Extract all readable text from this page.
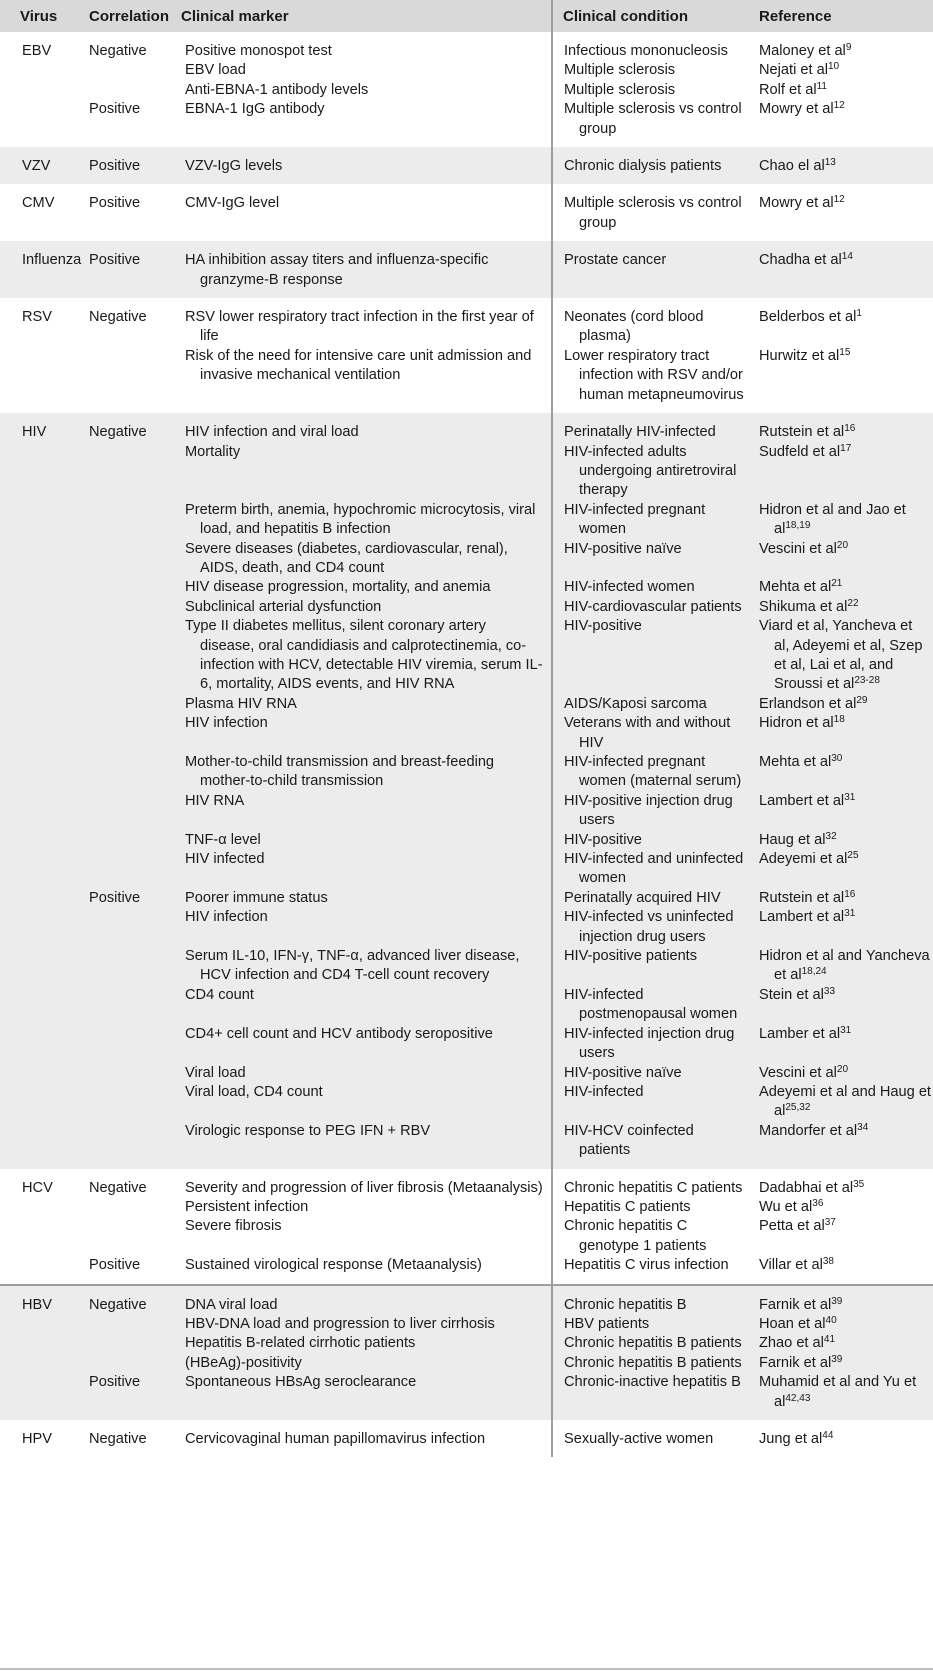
Virus	Correlation	Clinical marker	Clinical condition	Reference
EBV	Negative	Positive monospot test	Infectious mononucleosis	Maloney et $al^9$

		EBV load	Multiple sclerosis	Nejati et $al^{10}$

		Anti-EBNA-1 antibody levels	Multiple sclerosis	Rolf et $al^{11}$

	Positive	EBNA-1 IgG antibody	Multiple sclerosis vs control group	Mowry et $al^{12}$

VZV	Positive	VZV-IgG levels	Chronic dialysis patients	Chao el $al^{13}$

CMV	Positive	CMV-IgG level	Multiple sclerosis vs control group	Mowry et $al^{12}$

Influenza	Positive	HA inhibition assay titers and influenza-specific granzyme-B response	Prostate cancer	Chadha et $al^{14}$

RSV	Negative	RSV lower respiratory tract infection in the first year of life	Neonates (cord blood plasma)	Belderbos et $al^1$

		Risk of the need for intensive care unit admission and invasive mechanical ventilation	Lower respiratory tract infection with RSV and/or human metapneumovirus	Hurwitz et $al^{15}$

HIV	Negative	HIV infection and viral load	Perinatally HIV-infected	Rutstein et $al^{16}$

		Mortality	HIV-infected adults undergoing antiretroviral therapy	Sudfeld et $al^{17}$

		Preterm birth, anemia, hypochromic microcytosis, viral load, and hepatitis B infection	HIV-infected pregnant women	Hidron et al and Jao et al$^{18,19}$

		Severe diseases (diabetes, cardiovascular, renal), AIDS, death, and CD4 count	HIV-positive naïve	Vescini et $al^{20}$

		HIV disease progression, mortality, and anemia	HIV-infected women	Mehta et $al^{21}$

		Subclinical arterial dysfunction	HIV-cardiovascular patients	Shikuma et $al^{22}$

		Type II diabetes mellitus, silent coronary artery disease, oral candidiasis and calprotectinemia, co-infection with HCV, detectable HIV viremia, serum IL-6, mortality, AIDS events, and HIV RNA	HIV-positive	Viard et al, Yancheva et al, Adeyemi et al, Szep et al, Lai et al, and Sroussi et $al^{23-28}$

		Plasma HIV RNA	AIDS/Kaposi sarcoma	Erlandson et $al^{29}$

		HIV infection	Veterans with and without HIV	Hidron et $al^{18}$

		Mother-to-child transmission and breast-feeding mother-to-child transmission	HIV-infected pregnant women (maternal serum)	Mehta et $al^{30}$

		HIV RNA	HIV-positive injection drug users	Lambert et $al^{31}$

		TNF-α level	HIV-positive	Haug et $al^{32}$

		HIV infected	HIV-infected and uninfected women	Adeyemi et $al^{25}$

	Positive	Poorer immune status	Perinatally acquired HIV	Rutstein et $al^{16}$

		HIV infection	HIV-infected vs uninfected injection drug users	Lambert et $al^{31}$

		Serum IL-10, IFN-γ, TNF-α, advanced liver disease, HCV infection and CD4 T-cell count recovery	HIV-positive patients	Hidron et al and Yancheva et al$^{18,24}$

		CD4 count	HIV-infected postmenopausal women	Stein et $al^{33}$

		CD4+ cell count and HCV antibody seropositive	HIV-infected injection drug users	Lamber et $al^{31}$

		Viral load	HIV-positive naïve	Vescini et $al^{20}$

		Viral load, CD4 count	HIV-infected	Adeyemi et al and Haug et al$^{25,32}$

		Virologic response to PEG IFN + RBV	HIV-HCV coinfected patients	Mandorfer et $al^{34}$

HCV	Negative	Severity and progression of liver fibrosis (Metaanalysis)	Chronic hepatitis C patients	Dadabhai et $al^{35}$

		Persistent infection	Hepatitis C patients	Wu et $al^{36}$

		Severe fibrosis	Chronic hepatitis C genotype 1 patients	Petta et $al^{37}$

	Positive	Sustained virological response (Metaanalysis)	Hepatitis C virus infection	Villar et $al^{38}$

HBV	Negative	DNA viral load	Chronic hepatitis B	Farnik et $al^{39}$

		HBV-DNA load and progression to liver cirrhosis	HBV patients	Hoan et $al^{40}$

		Hepatitis B-related cirrhotic patients	Chronic hepatitis B patients	Zhao et $al^{41}$

		(HBeAg)-positivity	Chronic hepatitis B patients	Farnik et $al^{39}$

	Positive	Spontaneous HBsAg seroclearance	Chronic-inactive hepatitis B	Muhamid et al and Yu et al$^{42,43}$

HPV	Negative	Cervicovaginal human papillomavirus infection	Sexually-active women	Jung et $al^{44}$
